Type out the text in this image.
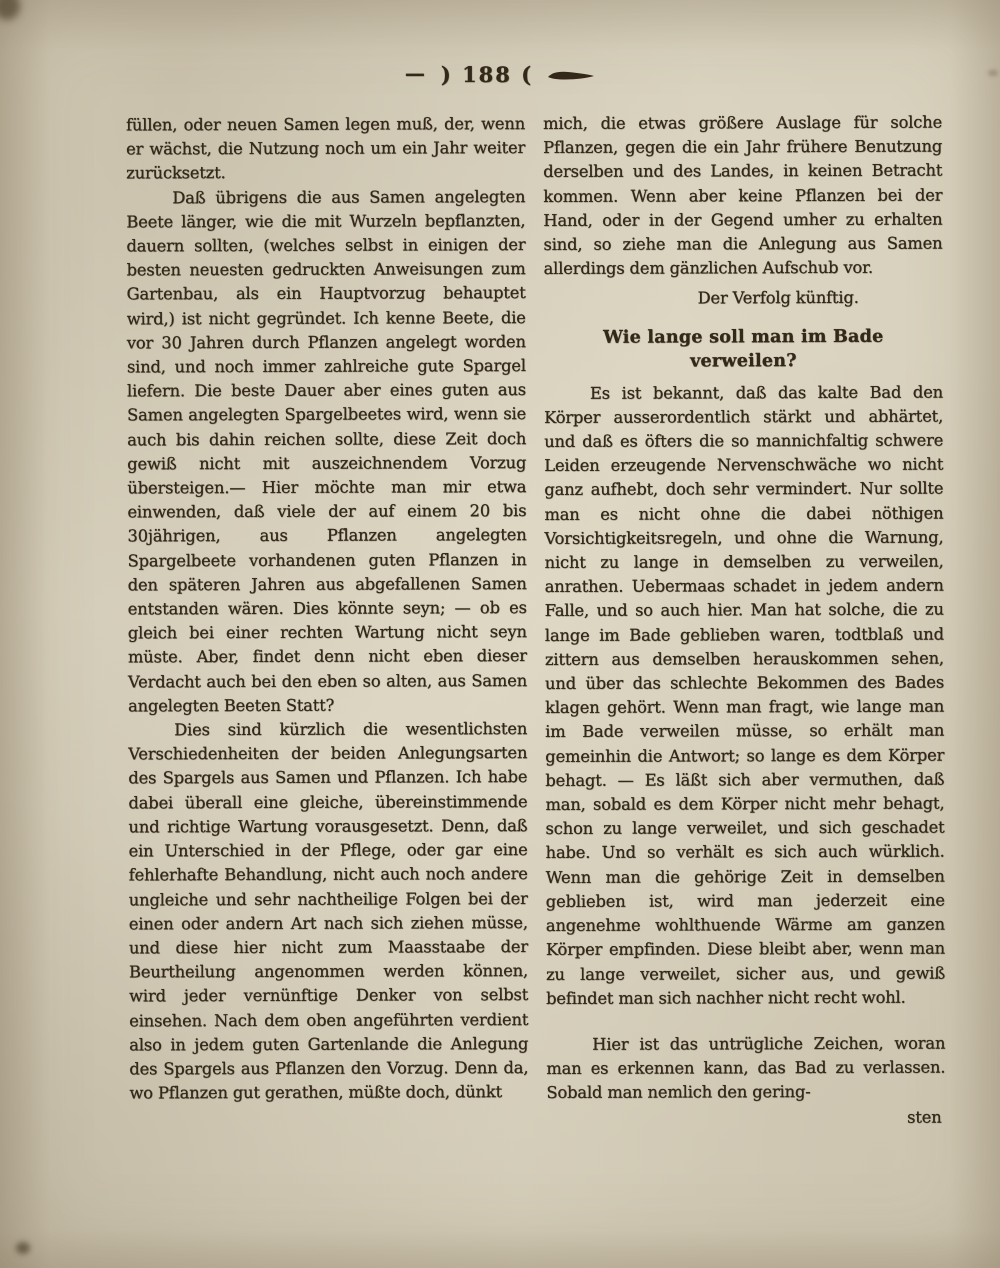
— ) 188 (

füllen, oder neuen Samen legen muß, der, wenn er wächst, die Nutzung noch um ein Jahr weiter zurücksetzt.

Daß übrigens die aus Samen angelegten Beete länger, wie die mit Wurzeln bepflanzten, dauern sollten, (welches selbst in einigen der besten neuesten gedruckten Anweisungen zum Gartenbau, als ein Hauptvorzug behauptet wird,) ist nicht gegründet. Ich kenne Beete, die vor 30 Jahren durch Pflanzen angelegt worden sind, und noch immer zahlreiche gute Spargel liefern. Die beste Dauer aber eines guten aus Samen angelegten Spargelbeetes wird, wenn sie auch bis dahin reichen sollte, diese Zeit doch gewiß nicht mit auszeichnendem Vorzug übersteigen.— Hier möchte man mir etwa einwenden, daß viele der auf einem 20 bis 30jährigen, aus Pflanzen angelegten Spargelbeete vorhandenen guten Pflanzen in den späteren Jahren aus abgefallenen Samen entstanden wären. Dies könnte seyn; — ob es gleich bei einer rechten Wartung nicht seyn müste. Aber, findet denn nicht eben dieser Verdacht auch bei den eben so alten, aus Samen angelegten Beeten Statt?

Dies sind kürzlich die wesentlichsten Verschiedenheiten der beiden Anlegungsarten des Spargels aus Samen und Pflanzen. Ich habe dabei überall eine gleiche, übereinstimmende und richtige Wartung vorausgesetzt. Denn, daß ein Unterschied in der Pflege, oder gar eine fehlerhafte Behandlung, nicht auch noch andere ungleiche und sehr nachtheilige Folgen bei der einen oder andern Art nach sich ziehen müsse, und diese hier nicht zum Maasstaabe der Beurtheilung angenommen werden können, wird jeder vernünftige Denker von selbst einsehen. Nach dem oben angeführten verdient also in jedem guten Gartenlande die Anlegung des Spargels aus Pflanzen den Vorzug. Denn da, wo Pflanzen gut gerathen, müßte doch, dünkt

mich, die etwas größere Auslage für solche Pflanzen, gegen die ein Jahr frühere Benutzung derselben und des Landes, in keinen Betracht kommen. Wenn aber keine Pflanzen bei der Hand, oder in der Gegend umher zu erhalten sind, so ziehe man die Anlegung aus Samen allerdings dem gänzlichen Aufschub vor.

Der Verfolg künftig.

Wie lange soll man im Bade verweilen?

Es ist bekannt, daß das kalte Bad den Körper ausserordentlich stärkt und abhärtet, und daß es öfters die so mannichfaltig schwere Leiden erzeugende Nervenschwäche wo nicht ganz aufhebt, doch sehr vermindert. Nur sollte man es nicht ohne die dabei nöthigen Vorsichtigkeitsregeln, und ohne die Warnung, nicht zu lange in demselben zu verweilen, anrathen. Uebermaas schadet in jedem andern Falle, und so auch hier. Man hat solche, die zu lange im Bade geblieben waren, todtblaß und zittern aus demselben herauskommen sehen, und über das schlechte Bekommen des Bades klagen gehört. Wenn man fragt, wie lange man im Bade verweilen müsse, so erhält man gemeinhin die Antwort; so lange es dem Körper behagt. — Es läßt sich aber vermuthen, daß man, sobald es dem Körper nicht mehr behagt, schon zu lange verweilet, und sich geschadet habe. Und so verhält es sich auch würklich. Wenn man die gehörige Zeit in demselben geblieben ist, wird man jederzeit eine angenehme wohlthuende Wärme am ganzen Körper empfinden. Diese bleibt aber, wenn man zu lange verweilet, sicher aus, und gewiß befindet man sich nachher nicht recht wohl.

Hier ist das untrügliche Zeichen, woran man es erkennen kann, das Bad zu verlassen. Sobald man nemlich den gering-

sten
